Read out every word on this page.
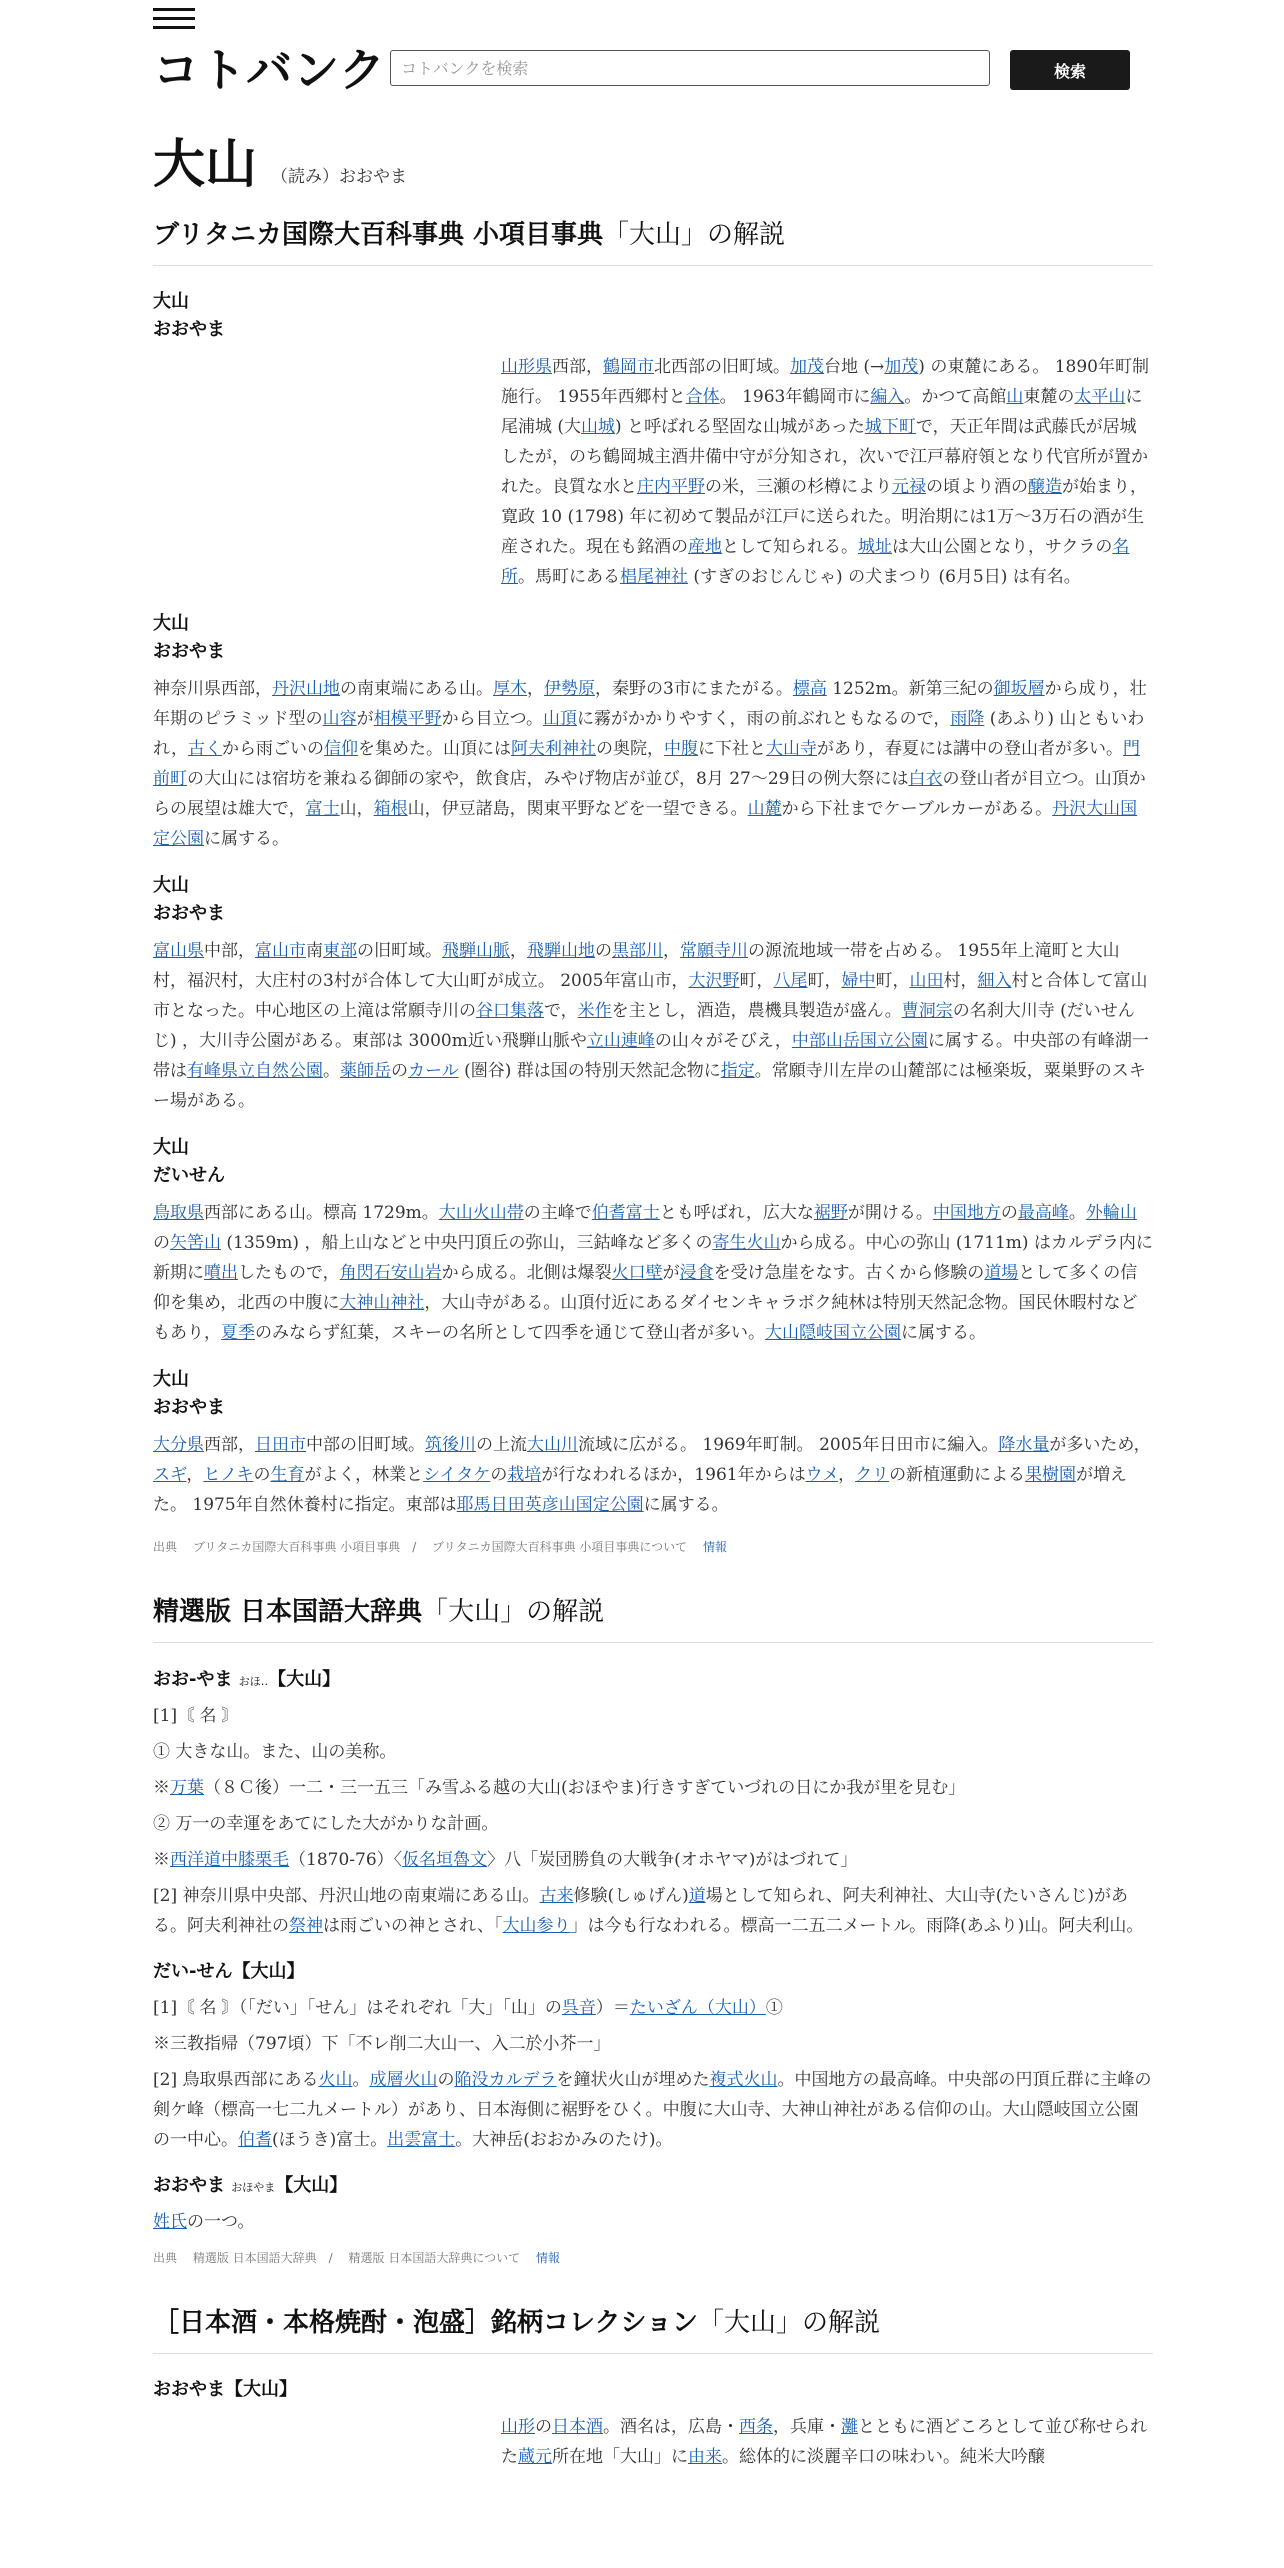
コトバンク
コトバンクを検索	検索
大山 （読み）おおやま
ブリタニカ国際大百科事典 小項目事典「大山」の解説
大山
おおやま
山形県西部，鶴岡市北西部の旧町域。加茂台地 (→加茂) の東麓にある。 1890年町制施行。 1955年西郷村と合体。 1963年鶴岡市に編入。かつて高館山東麓の太平山に尾浦城 (大山城) と呼ばれる堅固な山城があった城下町で，天正年間は武藤氏が居城したが，のち鶴岡城主酒井備中守が分知され，次いで江戸幕府領となり代官所が置かれた。良質な水と庄内平野の米，三瀬の杉樽により元禄の頃より酒の醸造が始まり，寛政 10 (1798) 年に初めて製品が江戸に送られた。明治期には1万～3万石の酒が生産された。現在も銘酒の産地として知られる。城址は大山公園となり，サクラの名所。馬町にある椙尾神社 (すぎのおじんじゃ) の犬まつり (6月5日) は有名。
大山
おおやま
神奈川県西部，丹沢山地の南東端にある山。厚木，伊勢原，秦野の3市にまたがる。標高 1252m。新第三紀の御坂層から成り，壮年期のピラミッド型の山容が相模平野から目立つ。山頂に霧がかかりやすく，雨の前ぶれともなるので，雨降 (あふり) 山ともいわれ，古くから雨ごいの信仰を集めた。山頂には阿夫利神社の奥院，中腹に下社と大山寺があり，春夏には講中の登山者が多い。門前町の大山には宿坊を兼ねる御師の家や，飲食店，みやげ物店が並び，8月 27～29日の例大祭には白衣の登山者が目立つ。山頂からの展望は雄大で，富士山，箱根山，伊豆諸島，関東平野などを一望できる。山麓から下社までケーブルカーがある。丹沢大山国定公園に属する。
大山
おおやま
富山県中部，富山市南東部の旧町域。飛騨山脈，飛騨山地の黒部川，常願寺川の源流地域一帯を占める。 1955年上滝町と大山村，福沢村，大庄村の3村が合体して大山町が成立。 2005年富山市，大沢野町，八尾町，婦中町，山田村，細入村と合体して富山市となった。中心地区の上滝は常願寺川の谷口集落で，米作を主とし，酒造，農機具製造が盛ん。曹洞宗の名刹大川寺 (だいせんじ) ，大川寺公園がある。東部は 3000m近い飛騨山脈や立山連峰の山々がそびえ，中部山岳国立公園に属する。中央部の有峰湖一帯は有峰県立自然公園。薬師岳のカール (圏谷) 群は国の特別天然記念物に指定。常願寺川左岸の山麓部には極楽坂，粟巣野のスキー場がある。
大山
だいせん
鳥取県西部にある山。標高 1729m。大山火山帯の主峰で伯耆富士とも呼ばれ，広大な裾野が開ける。中国地方の最高峰。外輪山の矢筈山 (1359m) ，船上山などと中央円頂丘の弥山，三鈷峰など多くの寄生火山から成る。中心の弥山 (1711m) はカルデラ内に新期に噴出したもので，角閃石安山岩から成る。北側は爆裂火口壁が浸食を受け急崖をなす。古くから修験の道場として多くの信仰を集め，北西の中腹に大神山神社，大山寺がある。山頂付近にあるダイセンキャラボク純林は特別天然記念物。国民休暇村などもあり，夏季のみならず紅葉，スキーの名所として四季を通じて登山者が多い。大山隠岐国立公園に属する。
大山
おおやま
大分県西部，日田市中部の旧町域。筑後川の上流大山川流域に広がる。 1969年町制。 2005年日田市に編入。降水量が多いため，スギ，ヒノキの生育がよく，林業とシイタケの栽培が行なわれるほか，1961年からはウメ，クリの新植運動による果樹園が増えた。 1975年自然休養村に指定。東部は耶馬日田英彦山国定公園に属する。
出典　 ブリタニカ国際大百科事典 小項目事典　/　 ブリタニカ国際大百科事典 小項目事典について　 情報
精選版 日本国語大辞典「大山」の解説
おお‐やま おほ‥【大山】
[1]〘 名 〙
① 大きな山。また、山の美称。
※万葉（８Ｃ後）一二・三一五三「み雪ふる越の大山(おほやま)行きすぎていづれの日にか我が里を見む」
② 万一の幸運をあてにした大がかりな計画。
※西洋道中膝栗毛（1870‐76）〈仮名垣魯文〉八「炭団勝負の大戦争(オホヤマ)がはづれて」
[2] 神奈川県中央部、丹沢山地の南東端にある山。古来修験(しゅげん)道場として知られ、阿夫利神社、大山寺(たいさんじ)がある。阿夫利神社の祭神は雨ごいの神とされ、「大山参り」は今も行なわれる。標高一二五二メートル。雨降(あふり)山。阿夫利山。
だい‐せん【大山】
[1]〘 名 〙（「だい」「せん」はそれぞれ「大」「山」の呉音）＝たいざん（大山）①
※三教指帰（797頃）下「不レ削二大山一、入二於小芥一」
[2] 鳥取県西部にある火山。成層火山の陥没カルデラを鐘状火山が埋めた複式火山。中国地方の最高峰。中央部の円頂丘群に主峰の剣ケ峰（標高一七二九メートル）があり、日本海側に裾野をひく。中腹に大山寺、大神山神社がある信仰の山。大山隠岐国立公園の一中心。伯耆(ほうき)富士。出雲富士。大神岳(おおかみのたけ)。
おおやま おほやま【大山】
姓氏の一つ。
出典　 精選版 日本国語大辞典　/　 精選版 日本国語大辞典について　 情報
［日本酒・本格焼酎・泡盛］銘柄コレクション「大山」の解説
おおやま【大山】
山形の日本酒。酒名は，広島・西条，兵庫・灘とともに酒どころとして並び称せられた蔵元所在地「大山」に由来。総体的に淡麗辛口の味わい。純米大吟醸
